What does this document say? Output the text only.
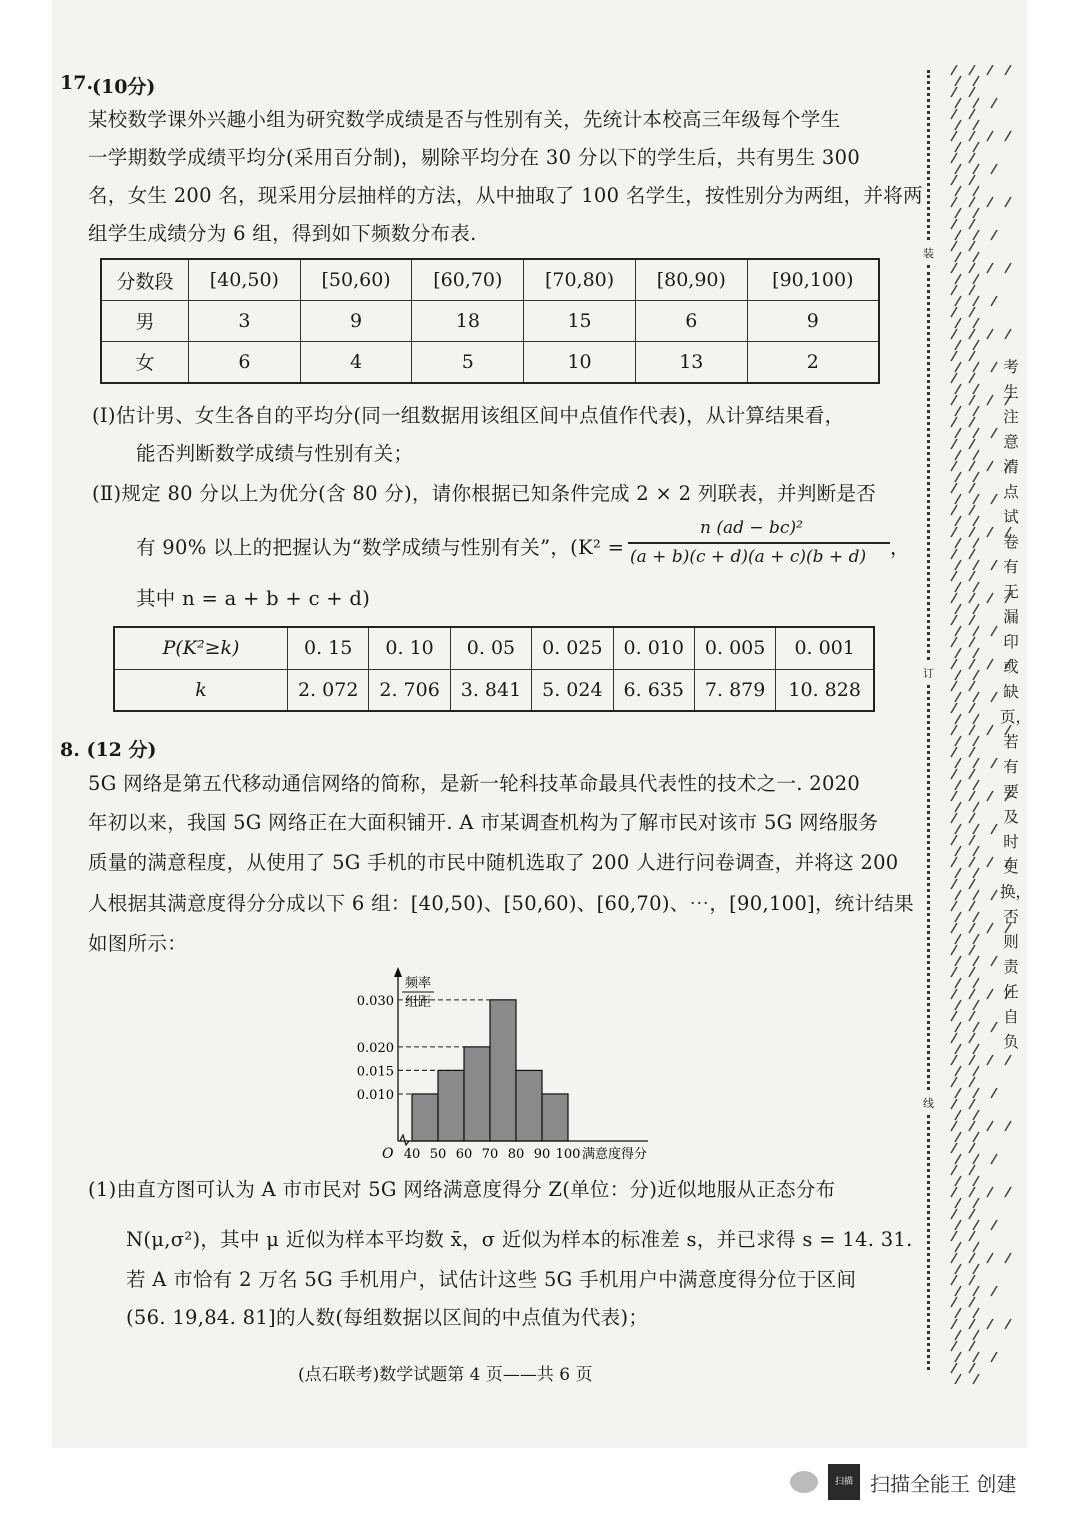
17.
(10分)
某校数学课外兴趣小组为研究数学成绩是否与性别有关，先统计本校高三年级每个学生
一学期数学成绩平均分(采用百分制)，剔除平均分在 30 分以下的学生后，共有男生 300
名，女生 200 名，现采用分层抽样的方法，从中抽取了 100 名学生，按性别分为两组，并将两
组学生成绩分为 6 组，得到如下频数分布表.
分数段	[40,50)	[50,60)	[60,70)	[70,80)	[80,90)	[90,100)
男	3	9	18	15	6	9
女	6	4	5	10	13	2
(Ⅰ)估计男、女生各自的平均分(同一组数据用该组区间中点值作代表)，从计算结果看，
能否判断数学成绩与性别有关；
(Ⅱ)规定 80 分以上为优分(含 80 分)，请你根据已知条件完成 2 × 2 列联表，并判断是否
有 90% 以上的把握认为“数学成绩与性别有关”，(K² =
n (ad − bc)²
(a + b)(c + d)(a + c)(b + d) ，
其中 n = a + b + c + d)
P(K²≥k)	0. 15	0. 10	0. 05	0. 025	0. 010	0. 005	0. 001
k	2. 072	2. 706	3. 841	5. 024	6. 635	7. 879	10. 828
8. (12 分)
5G 网络是第五代移动通信网络的简称，是新一轮科技革命最具代表性的技术之一. 2020
年初以来，我国 5G 网络正在大面积铺开. A 市某调查机构为了解市民对该市 5G 网络服务
质量的满意程度，从使用了 5G 手机的市民中随机选取了 200 人进行问卷调查，并将这 200
人根据其满意度得分分成以下 6 组：[40,50)、[50,60)、[60,70)、⋯，[90,100]，统计结果
如图所示：
0.030
0.020
0.015
0.010
频率
组距
O 40 50 60 70 80 90 100 满意度得分
(1)由直方图可认为 A 市市民对 5G 网络满意度得分 Z(单位：分)近似地服从正态分布
N(μ,σ²)，其中 μ 近似为样本平均数 x̄，σ 近似为样本的标准差 s，并已求得 s = 14. 31.
若 A 市恰有 2 万名 5G 手机用户，试估计这些 5G 手机用户中满意度得分位于区间
(56. 19,84. 81]的人数(每组数据以区间的中点值为代表)；
(点石联考)数学试题第 4 页——共 6 页
装
订
线
考生注意清点试卷有无漏印或缺页，若有要及时更换，否则责任自负
扫描 扫描全能王 创建
